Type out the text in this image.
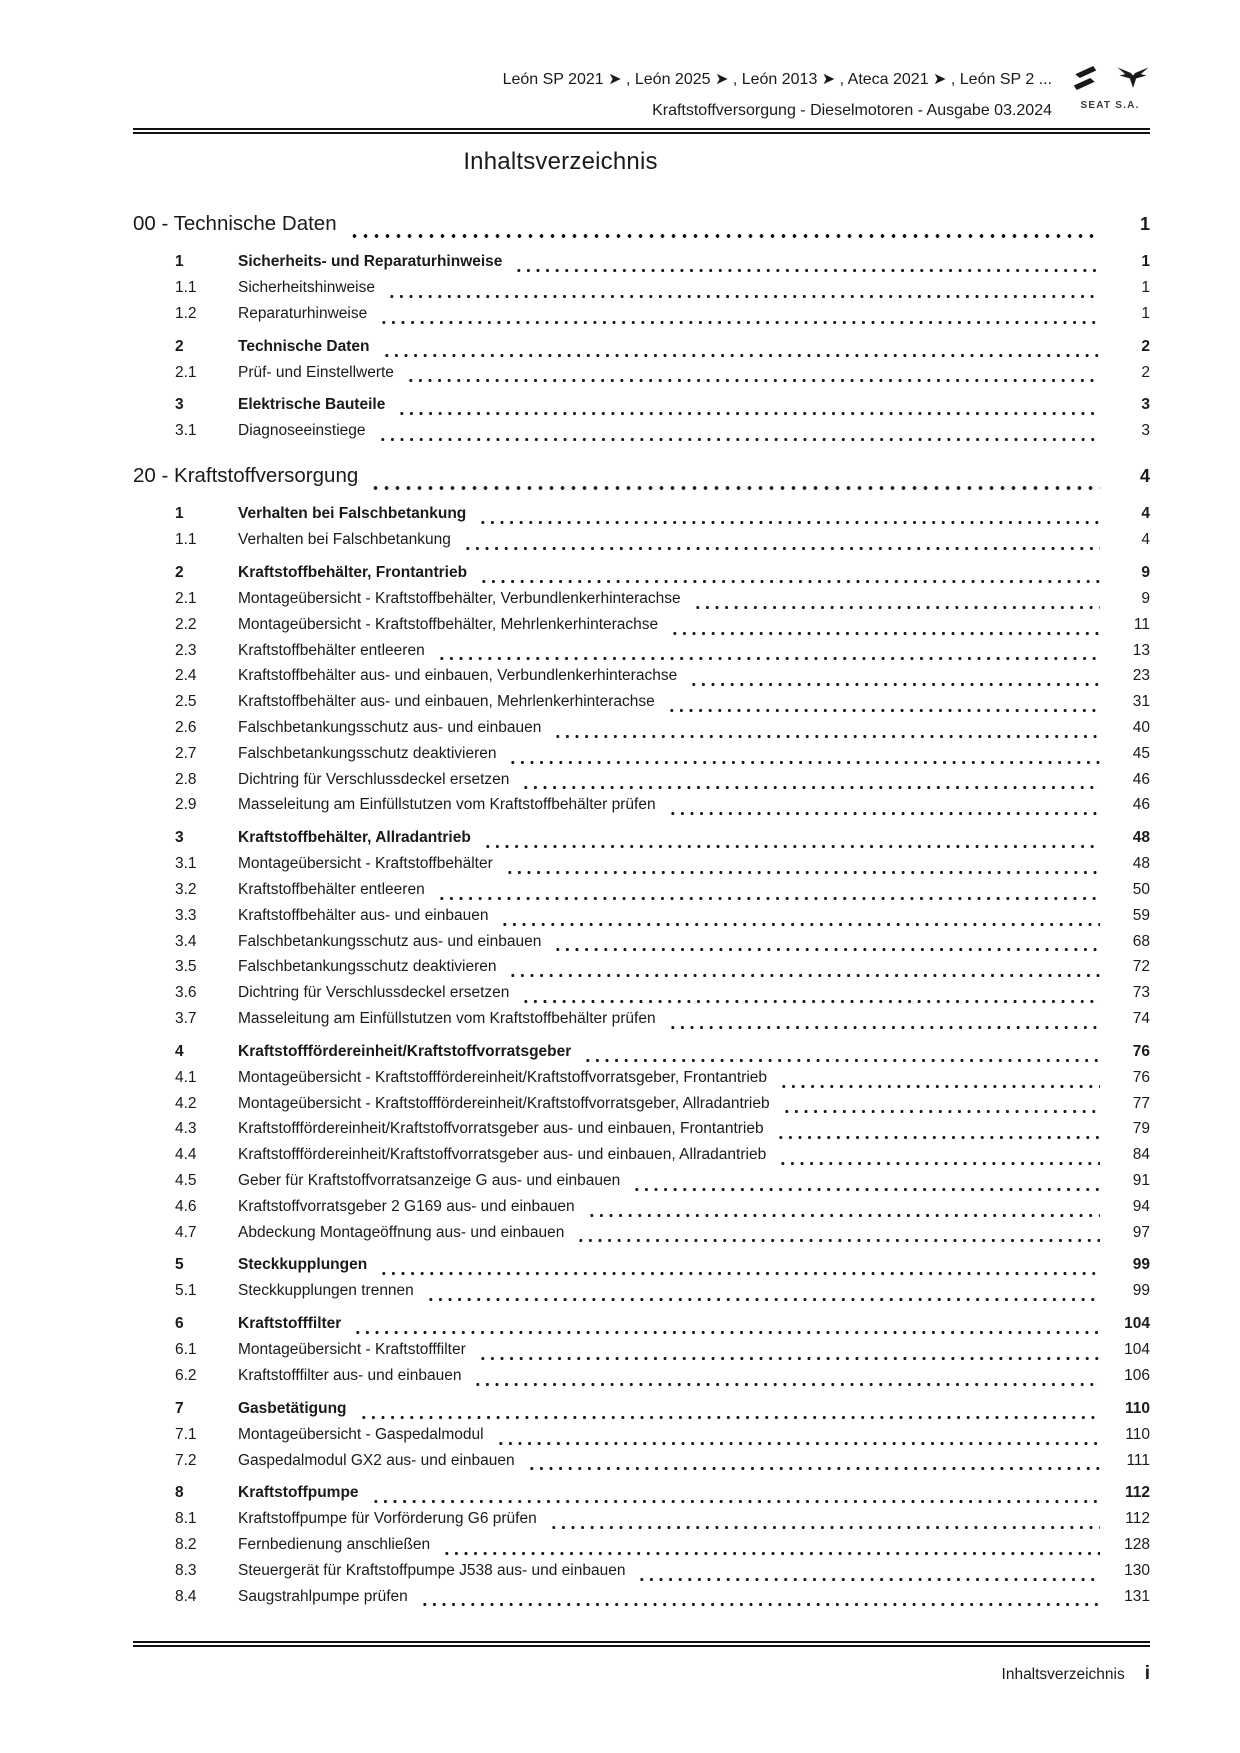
León SP 2021 ➤ , León 2025 ➤ , León 2013 ➤ , Ateca 2021 ➤ , León SP 2 ...
Kraftstoffversorgung - Dieselmotoren - Ausgabe 03.2024	SEAT S.A.
Inhaltsverzeichnis
00 - Technische Daten	1
1	Sicherheits- und Reparaturhinweise	1
1.1	Sicherheitshinweise	1
1.2	Reparaturhinweise	1
2	Technische Daten	2
2.1	Prüf- und Einstellwerte	2
3	Elektrische Bauteile	3
3.1	Diagnoseeinstiege	3
20 - Kraftstoffversorgung	4
1	Verhalten bei Falschbetankung	4
1.1	Verhalten bei Falschbetankung	4
2	Kraftstoffbehälter, Frontantrieb	9
2.1	Montageübersicht - Kraftstoffbehälter, Verbundlenkerhinterachse	9
2.2	Montageübersicht - Kraftstoffbehälter, Mehrlenkerhinterachse	11
2.3	Kraftstoffbehälter entleeren	13
2.4	Kraftstoffbehälter aus- und einbauen, Verbundlenkerhinterachse	23
2.5	Kraftstoffbehälter aus- und einbauen, Mehrlenkerhinterachse	31
2.6	Falschbetankungsschutz aus- und einbauen	40
2.7	Falschbetankungsschutz deaktivieren	45
2.8	Dichtring für Verschlussdeckel ersetzen	46
2.9	Masseleitung am Einfüllstutzen vom Kraftstoffbehälter prüfen	46
3	Kraftstoffbehälter, Allradantrieb	48
3.1	Montageübersicht - Kraftstoffbehälter	48
3.2	Kraftstoffbehälter entleeren	50
3.3	Kraftstoffbehälter aus- und einbauen	59
3.4	Falschbetankungsschutz aus- und einbauen	68
3.5	Falschbetankungsschutz deaktivieren	72
3.6	Dichtring für Verschlussdeckel ersetzen	73
3.7	Masseleitung am Einfüllstutzen vom Kraftstoffbehälter prüfen	74
4	Kraftstofffördereinheit/Kraftstoffvorratsgeber	76
4.1	Montageübersicht - Kraftstofffördereinheit/Kraftstoffvorratsgeber, Frontantrieb	76
4.2	Montageübersicht - Kraftstofffördereinheit/Kraftstoffvorratsgeber, Allradantrieb	77
4.3	Kraftstofffördereinheit/Kraftstoffvorratsgeber aus- und einbauen, Frontantrieb	79
4.4	Kraftstofffördereinheit/Kraftstoffvorratsgeber aus- und einbauen, Allradantrieb	84
4.5	Geber für Kraftstoffvorratsanzeige G aus- und einbauen	91
4.6	Kraftstoffvorratsgeber 2 G169 aus- und einbauen	94
4.7	Abdeckung Montageöffnung aus- und einbauen	97
5	Steckkupplungen	99
5.1	Steckkupplungen trennen	99
6	Kraftstofffilter	104
6.1	Montageübersicht - Kraftstofffilter	104
6.2	Kraftstofffilter aus- und einbauen	106
7	Gasbetätigung	110
7.1	Montageübersicht - Gaspedalmodul	110
7.2	Gaspedalmodul GX2 aus- und einbauen	111
8	Kraftstoffpumpe	112
8.1	Kraftstoffpumpe für Vorförderung G6 prüfen	112
8.2	Fernbedienung anschließen	128
8.3	Steuergerät für Kraftstoffpumpe J538 aus- und einbauen	130
8.4	Saugstrahlpumpe prüfen	131
Inhaltsverzeichnis i
